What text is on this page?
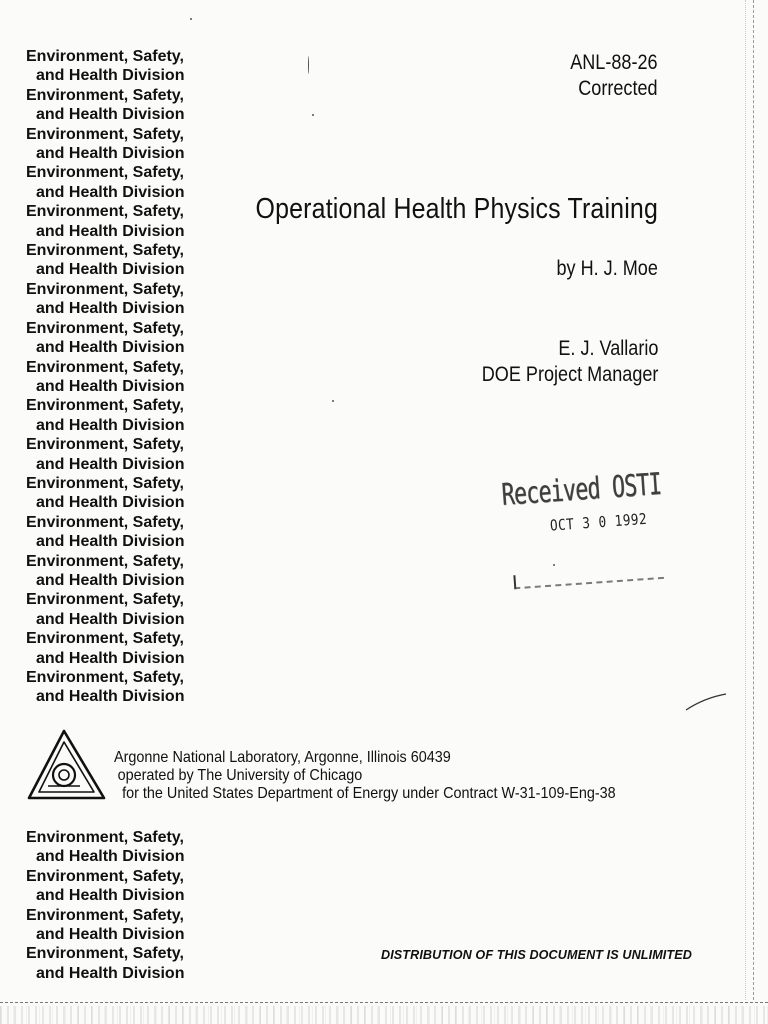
Environment, Safety,
and Health Division
Environment, Safety,
and Health Division
Environment, Safety,
and Health Division
Environment, Safety,
and Health Division
Environment, Safety,
and Health Division
Environment, Safety,
and Health Division
Environment, Safety,
and Health Division
Environment, Safety,
and Health Division
Environment, Safety,
and Health Division
Environment, Safety,
and Health Division
Environment, Safety,
and Health Division
Environment, Safety,
and Health Division
Environment, Safety,
and Health Division
Environment, Safety,
and Health Division
Environment, Safety,
and Health Division
Environment, Safety,
and Health Division
Environment, Safety,
and Health Division
ANL-88-26
Corrected
Operational Health Physics Training
by H. J. Moe
E. J. Vallario
DOE Project Manager
Received OSTI
OCT 3 0 1992
Argonne National Laboratory, Argonne, Illinois 60439
operated by The University of Chicago
for the United States Department of Energy under Contract W-31-109-Eng-38
Environment, Safety,
and Health Division
Environment, Safety,
and Health Division
Environment, Safety,
and Health Division
Environment, Safety,
and Health Division
DISTRIBUTION OF THIS DOCUMENT IS UNLIMITED
